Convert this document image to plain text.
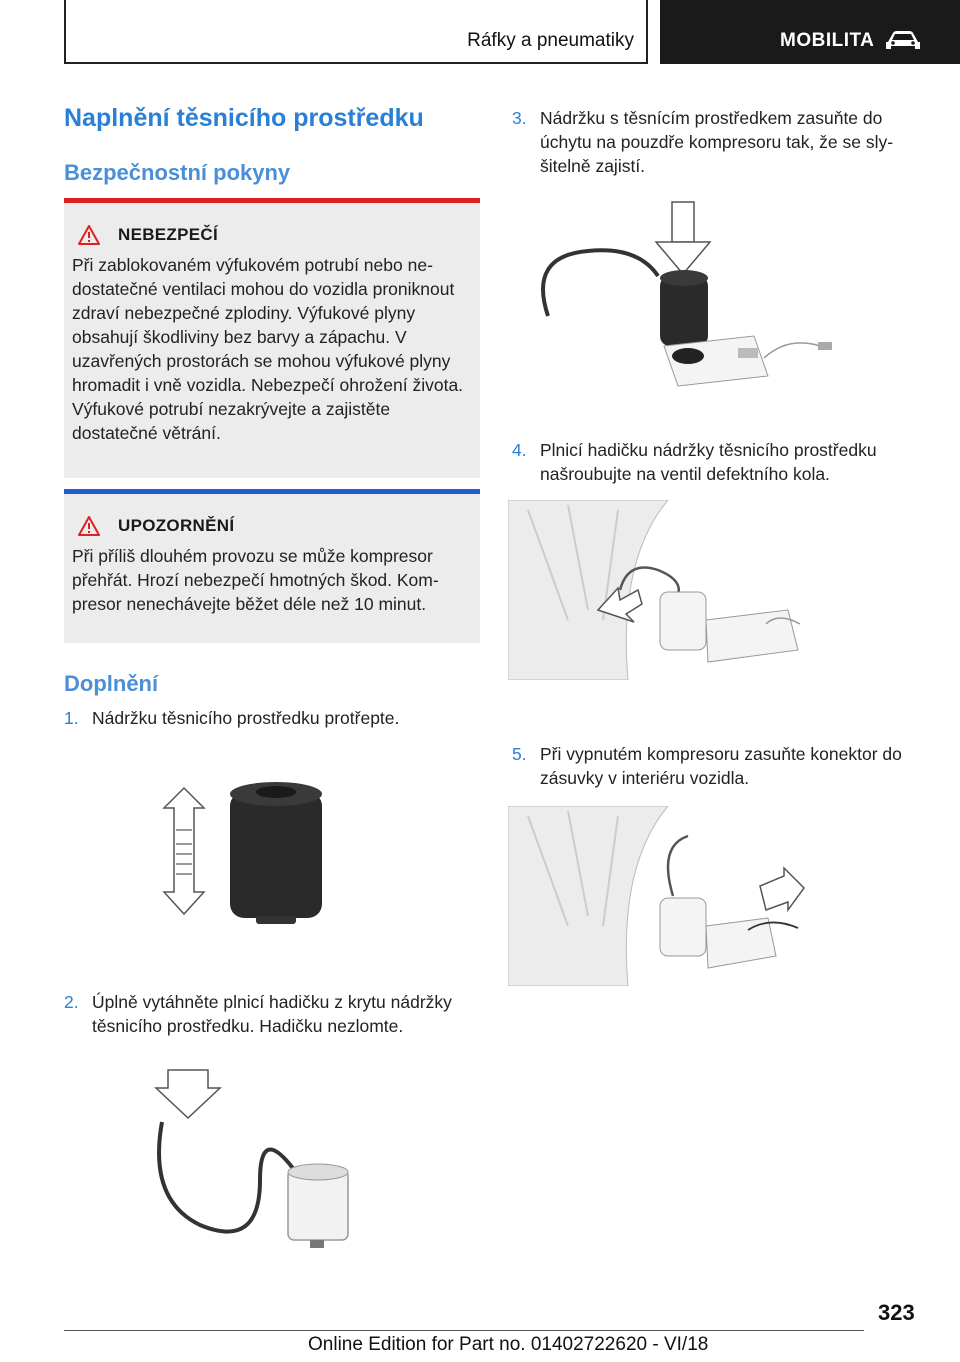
Ráfky a pneumatiky	MOBILITA
Naplnění těsnicího prostředku
Bezpečnostní pokyny
NEBEZPEČÍ

Při zablokovaném výfukovém potrubí nebo nedostatečné ventilaci mohou do vozidla proniknout zdraví nebezpečné zplodiny. Výfukové plyny obsahují škodliviny bez barvy a zápachu. V uzavřených prostorách se mohou výfukové plyny hromadit i vně vozidla. Nebezpečí ohrožení života. Výfukové potrubí nezakrývejte a zajistěte dostatečné větrání.

UPOZORNĚNÍ

Při příliš dlouhém provozu se může kompresor přehřát. Hrozí nebezpečí hmotných škod. Kompresor nenechávejte běžet déle než 10 minut.

Doplnění
1. Nádržku těsnicího prostředku protřepte.
2. Úplně vytáhněte plnicí hadičku z krytu nádržky těsnicího prostředku. Hadičku nezlomte.
3. Nádržku s těsnícím prostředkem zasuňte do úchytu na pouzdře kompresoru tak, že se slyšitelně zajistí.
4. Plnicí hadičku nádržky těsnicího prostředku našroubujte na ventil defektního kola.
5. Při vypnutém kompresoru zasuňte konektor do zásuvky v interiéru vozidla.
323
Online Edition for Part no. 01402722620 - VI/18
